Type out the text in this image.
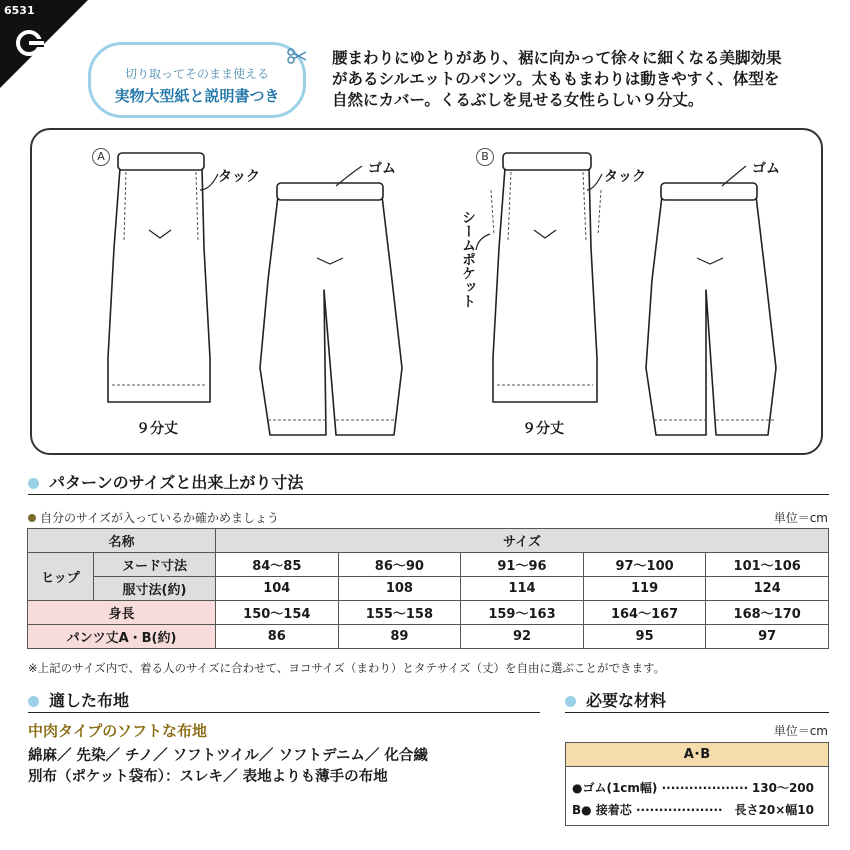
6531
切り取ってそのまま使える
実物大型紙と説明書つき
腰まわりにゆとりがあり、裾に向かって徐々に細くなる美脚効果
があるシルエットのパンツ。太ももまわりは動きやすく、体型を
自然にカバー。くるぶしを見せる女性らしい９分丈。
A
タック	ゴム
９分丈
B
タック	ゴム
シームポケット
９分丈
パターンのサイズと出来上がり寸法
自分のサイズが入っているか確かめましょう	単位＝cm
名称		サイズ				
ヒップ	ヌード寸法	84〜85	86〜90	91〜96	97〜100	101〜106
	服寸法(約)	104	108	114	119	124
身長		150〜154	155〜158	159〜163	164〜167	168〜170
パンツ丈A・B(約)		86	89	92	95	97
※上記のサイズ内で、着る人のサイズに合わせて、ヨコサイズ（まわり）とタテサイズ（丈）を自由に選ぶことができます。
適した布地
中肉タイプのソフトな布地
綿麻／ 先染／ チノ／ ソフトツイル／ ソフトデニム／ 化合繊
別布（ポケット袋布）：スレキ／ 表地よりも薄手の布地
必要な材料
単位＝cm
A･B
●ゴム(1cm幅) ··················· 130〜200
B● 接着芯 ··················· 長さ20×幅10
